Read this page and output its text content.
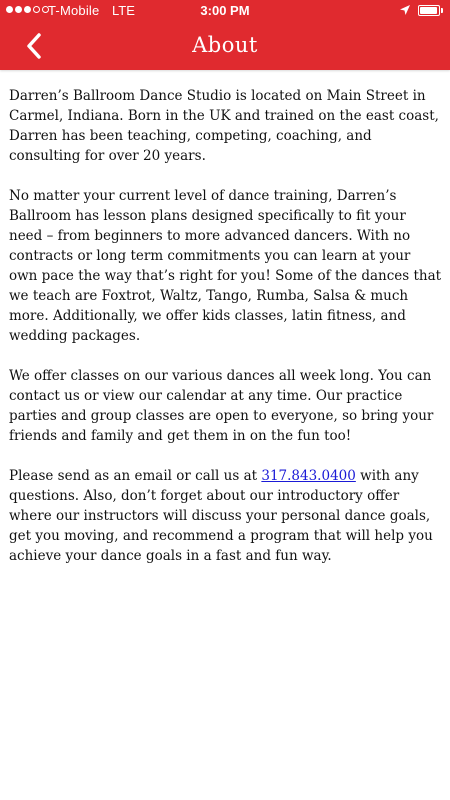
T-Mobile LTE	3:00 PM
About

Darren’s Ballroom Dance Studio is located on Main Street in Carmel, Indiana. Born in the UK and trained on the east coast, Darren has been teaching, competing, coaching, and consulting for over 20 years.

No matter your current level of dance training, Darren’s Ballroom has lesson plans designed specifically to fit your need – from beginners to more advanced dancers. With no contracts or long term commitments you can learn at your own pace the way that’s right for you! Some of the dances that we teach are Foxtrot, Waltz, Tango, Rumba, Salsa & much more. Additionally, we offer kids classes, latin fitness, and wedding packages.

We offer classes on our various dances all week long. You can contact us or view our calendar at any time. Our practice parties and group classes are open to everyone, so bring your friends and family and get them in on the fun too!

Please send as an email or call us at 317.843.0400 with any questions. Also, don’t forget about our introductory offer where our instructors will discuss your personal dance goals, get you moving, and recommend a program that will help you achieve your dance goals in a fast and fun way.
